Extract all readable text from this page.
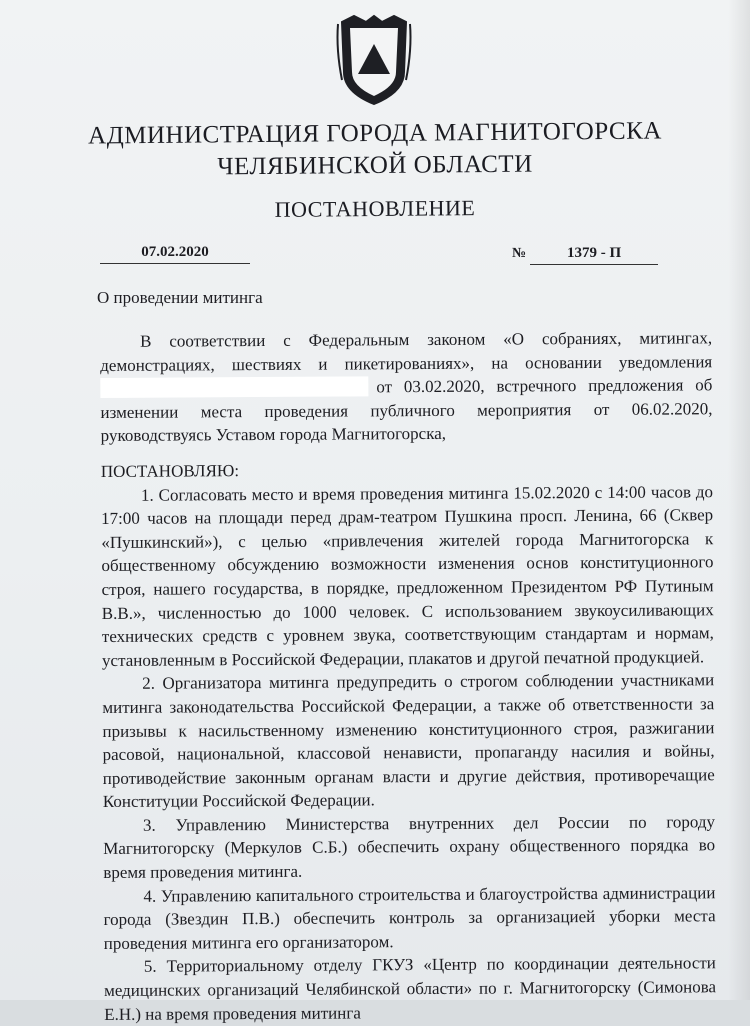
АДМИНИСТРАЦИЯ ГОРОДА МАГНИТОГОРСКА
ЧЕЛЯБИНСКОЙ ОБЛАСТИ
ПОСТАНОВЛЕНИЕ
07.02.2020	№	1379 - П
О проведении митинга

В соответствии с Федеральным законом «О собраниях, митингах, демонстрациях, шествиях и пикетированиях», на основании уведомления от 03.02.2020, встречного предложения об изменении места проведения публичного мероприятия от 06.02.2020, руководствуясь Уставом города Магнитогорска,

ПОСТАНОВЛЯЮ:

1. Согласовать место и время проведения митинга 15.02.2020 с 14:00 часов до 17:00 часов на площади перед драм-театром Пушкина просп. Ленина, 66 (Сквер «Пушкинский»), с целью «привлечения жителей города Магнитогорска к общественному обсуждению возможности изменения основ конституционного строя, нашего государства, в порядке, предложенном Президентом РФ Путиным В.В.», численностью до 1000 человек. С использованием звукоусиливающих технических средств с уровнем звука, соответствующим стандартам и нормам, установленным в Российской Федерации, плакатов и другой печатной продукцией.

2. Организатора митинга предупредить о строгом соблюдении участниками митинга законодательства Российской Федерации, а также об ответственности за призывы к насильственному изменению конституционного строя, разжигании расовой, национальной, классовой ненависти, пропаганду насилия и войны, противодействие законным органам власти и другие действия, противоречащие Конституции Российской Федерации.

3. Управлению Министерства внутренних дел России по городу Магнитогорску (Меркулов С.Б.) обеспечить охрану общественного порядка во время проведения митинга.

4. Управлению капитального строительства и благоустройства администрации города (Звездин П.В.) обеспечить контроль за организацией уборки места проведения митинга его организатором.

5. Территориальному отделу ГКУЗ «Центр по координации деятельности медицинских организаций Челябинской области» по г. Магнитогорску (Симонова Е.Н.) на время проведения митинга
